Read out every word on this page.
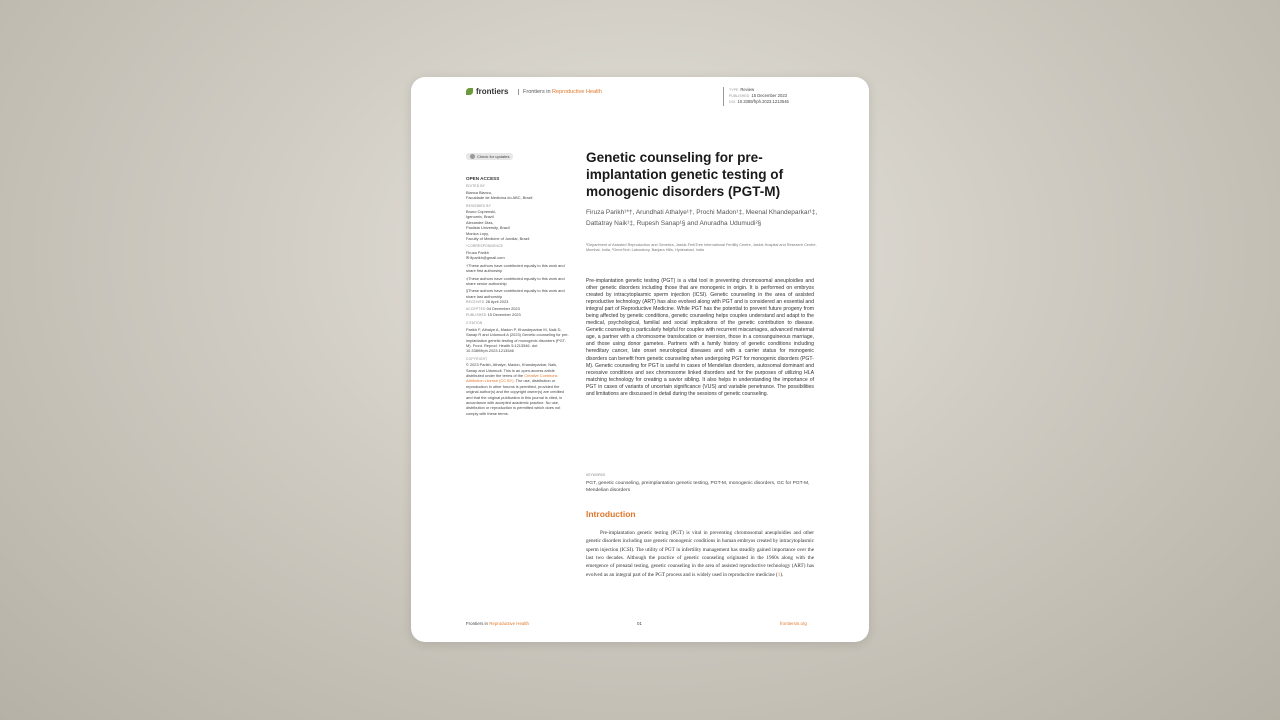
frontiers	Frontiers in Reproductive Health	TYPE Review
PUBLISHED 15 December 2023
DOI 10.3389/frph.2023.1213546
Check for updates
OPEN ACCESS
EDITED BY
Bianca Bianco,
Faculdade de Medicina do ABC, Brazil
REVIEWED BY
Bruno Coprenski,
Igenomix, Brazil
Alexandre Dias,
Paulista University, Brazil
Monica Lopy,
Faculty of Medicine of Jundiaí, Brazil
*CORRESPONDENCE
Firuza Parikh
✉ fiparikh@gmail.com
†These authors have contributed equally to this work and share first authorship
‡These authors have contributed equally to this work and share senior authorship
§These authors have contributed equally to this work and share last authorship
RECEIVED 28 April 2023
ACCEPTED 04 December 2023
PUBLISHED 15 December 2023
CITATION
Parikh F, Athalye A, Madon P, Khandeparkar M, Naik D, Sanap R and Udumudi A (2023) Genetic counseling for pre-implantation genetic testing of monogenic disorders (PGT-M). Front. Reprod. Health 5:1213546. doi: 10.3389/frph.2023.1213546
COPYRIGHT
© 2023 Parikh, Athalye, Madon, Khandeparkar, Naik, Sanap and Udumudi. This is an open-access article distributed under the terms of the Creative Commons Attribution License (CC BY). The use, distribution or reproduction in other forums is permitted, provided the original author(s) and the copyright owner(s) are credited and that the original publication in this journal is cited, in accordance with accepted academic practice. No use, distribution or reproduction is permitted which does not comply with these terms.
Genetic counseling for pre-implantation genetic testing of monogenic disorders (PGT-M)
Firuza Parikh¹*†, Arundhati Athalye¹†, Prochi Madon¹‡, Meenal Khandeparkar¹‡, Dattatray Naik¹‡, Rupesh Sanap¹§ and Anuradha Udumudi²§
¹Department of Assisted Reproduction and Genetics, Jaslok-FertiTree International Fertility Centre, Jaslok Hospital and Research Centre, Mumbai, India, ²GeneTech Laboratory, Banjara Hills, Hyderabad, India
Pre-implantation genetic testing (PGT) is a vital tool in preventing chromosomal aneuploidies and other genetic disorders including those that are monogenic in origin. It is performed on embryos created by intracytoplasmic sperm injection (ICSI). Genetic counseling in the area of assisted reproductive technology (ART) has also evolved along with PGT and is considered an essential and integral part of Reproductive Medicine. While PGT has the potential to prevent future progeny from being affected by genetic conditions, genetic counseling helps couples understand and adapt to the medical, psychological, familial and social implications of the genetic contribution to disease. Genetic counseling is particularly helpful for couples with recurrent miscarriages, advanced maternal age, a partner with a chromosome translocation or inversion, those in a consanguineous marriage, and those using donor gametes. Partners with a family history of genetic conditions including hereditary cancer, late onset neurological diseases and with a carrier status for monogenic disorders can benefit from genetic counseling when undergoing PGT for monogenic disorders (PGT-M). Genetic counseling for PGT is useful in cases of Mendelian disorders, autosomal dominant and recessive conditions and sex chromosome linked disorders and for the purposes of utilizing HLA matching technology for creating a savior sibling. It also helps in understanding the importance of PGT in cases of variants of uncertain significance (VUS) and variable penetrance. The possibilities and limitations are discussed in detail during the sessions of genetic counseling.
KEYWORDS
PGT, genetic counseling, preimplantation genetic testing, PGT-M, monogenic disorders, GC for PGT-M, Mendelian disorders
Introduction
Pre-implantation genetic testing (PGT) is vital in preventing chromosomal aneuploidies and other genetic disorders including rare genetic monogenic conditions in human embryos created by intracytoplasmic sperm injection (ICSI). The utility of PGT in infertility management has steadily gained importance over the last two decades. Although the practice of genetic counseling originated in the 1960s along with the emergence of prenatal testing, genetic counseling in the area of assisted reproductive technology (ART) has evolved as an integral part of the PGT process and is widely used in reproductive medicine (1).
Frontiers in Reproductive Health	01	frontiersin.org
